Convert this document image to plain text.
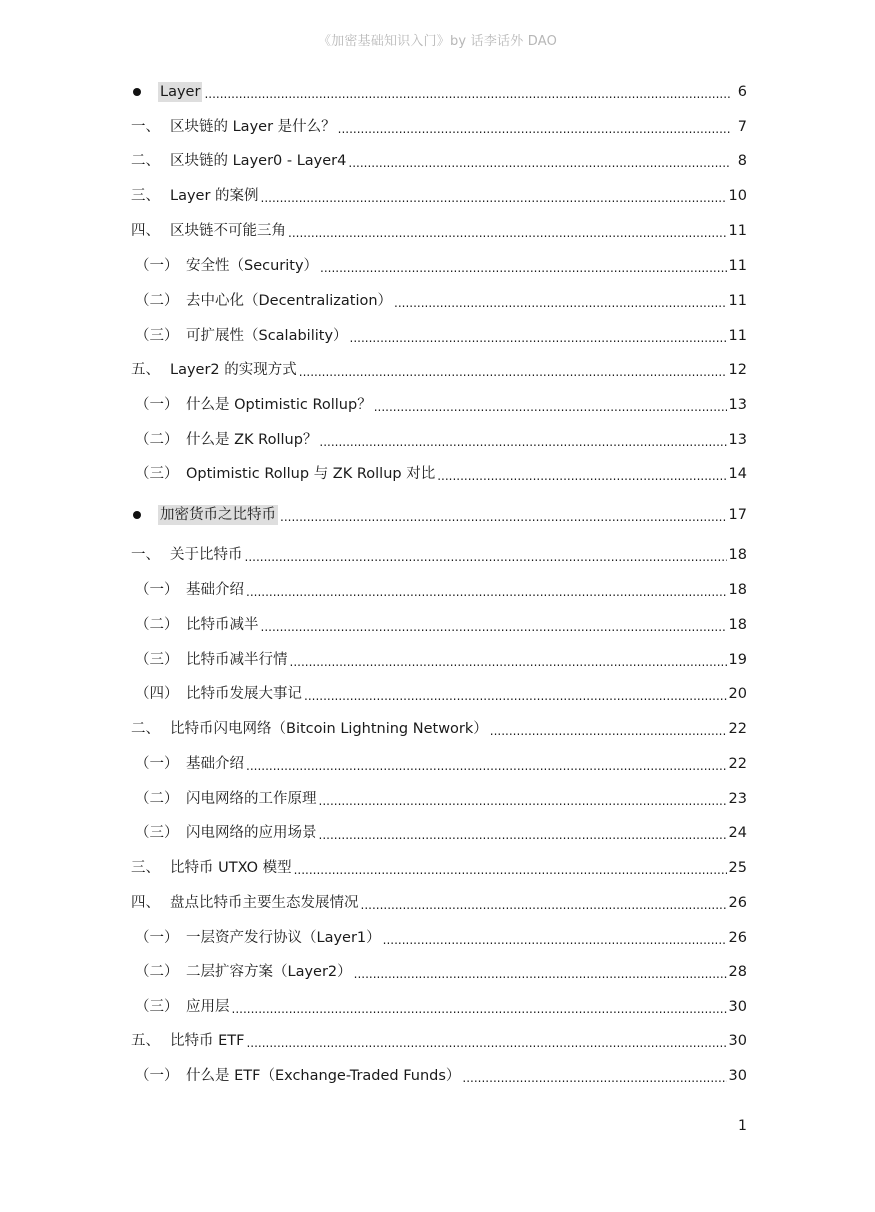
《加密基础知识入门》by 话李话外 DAO
Layer .....	6
一、 区块链的 Layer 是什么？ .....	7
二、 区块链的 Layer0 - Layer4 .....	8
三、 Layer 的案例 .....	10
四、 区块链不可能三角 .....	11
（一） 安全性（Security） .....	11
（二） 去中心化（Decentralization） .....	11
（三） 可扩展性（Scalability） .....	11
五、 Layer2 的实现方式 .....	12
（一） 什么是 Optimistic Rollup？ .....	13
（二） 什么是 ZK Rollup？ .....	13
（三） Optimistic Rollup 与 ZK Rollup 对比 .....	14
加密货币之比特币 .....	17
一、 关于比特币 .....	18
（一） 基础介绍 .....	18
（二） 比特币减半 .....	18
（三） 比特币减半行情 .....	19
（四） 比特币发展大事记 .....	20
二、 比特币闪电网络（Bitcoin Lightning Network） .....	22
（一） 基础介绍 .....	22
（二） 闪电网络的工作原理 .....	23
（三） 闪电网络的应用场景 .....	24
三、 比特币 UTXO 模型 .....	25
四、 盘点比特币主要生态发展情况 .....	26
（一） 一层资产发行协议（Layer1） .....	26
（二） 二层扩容方案（Layer2） .....	28
（三） 应用层 .....	30
五、 比特币 ETF .....	30
（一） 什么是 ETF（Exchange-Traded Funds） .....	30
1
